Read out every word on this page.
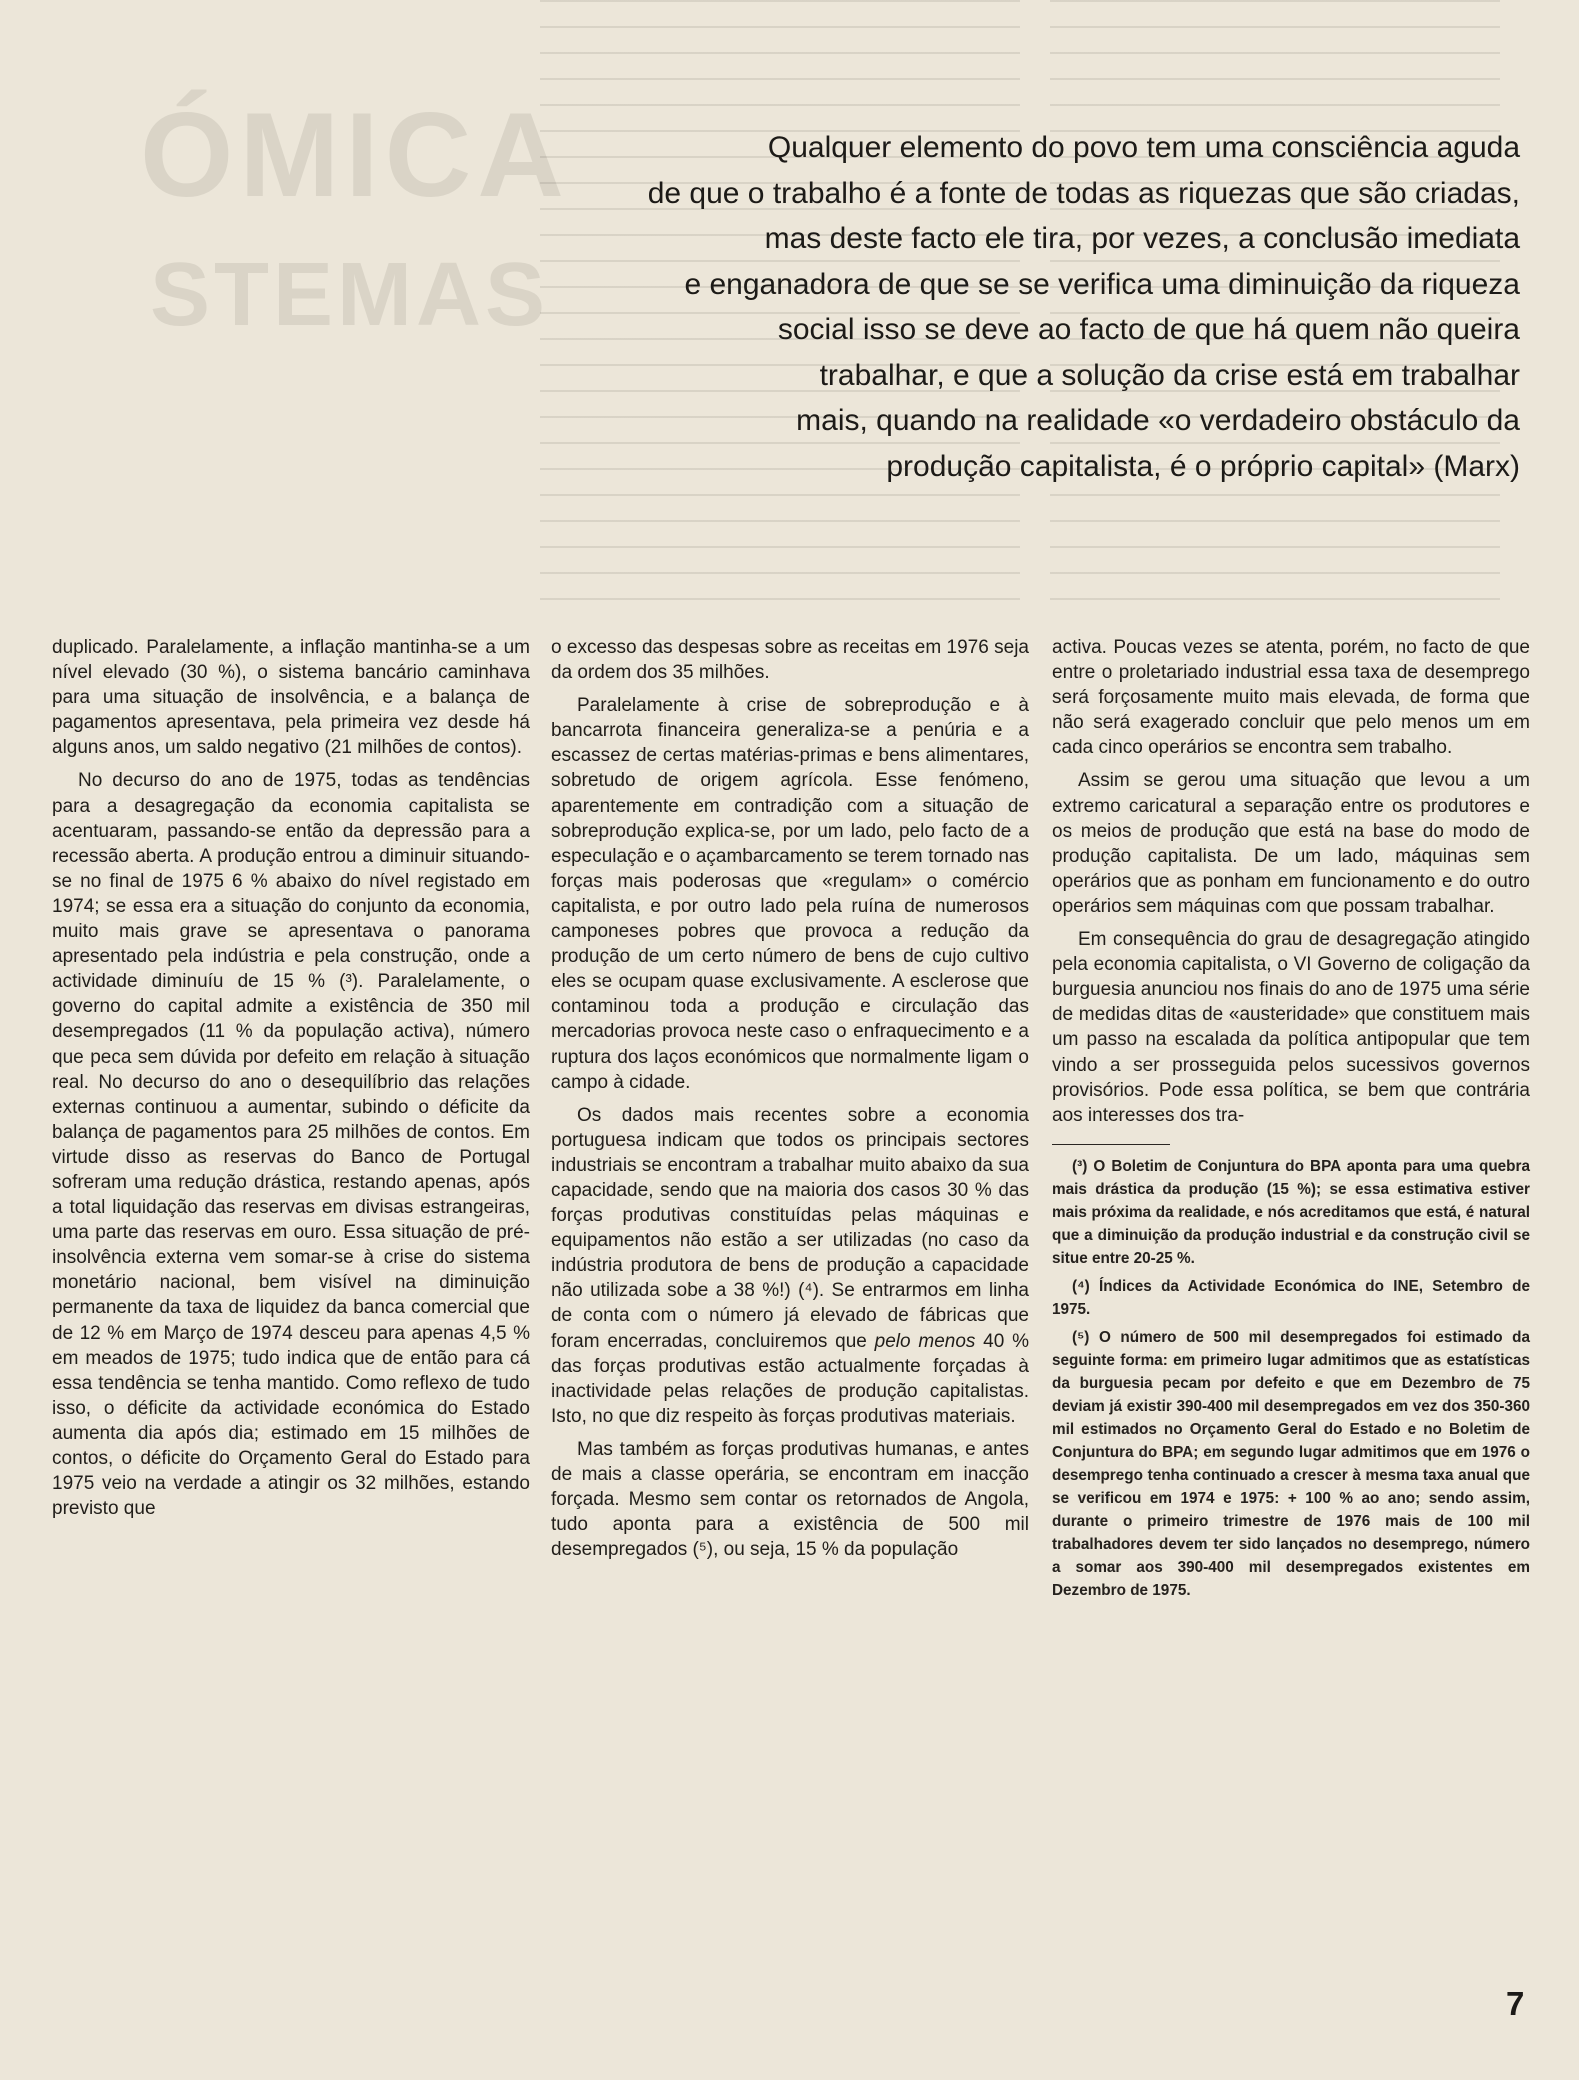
ÓMICA
STEMAS
Qualquer elemento do povo tem uma consciência aguda
de que o trabalho é a fonte de todas as riquezas que são criadas,
mas deste facto ele tira, por vezes, a conclusão imediata
e enganadora de que se se verifica uma diminuição da riqueza
social isso se deve ao facto de que há quem não queira
trabalhar, e que a solução da crise está em trabalhar
mais, quando na realidade «o verdadeiro obstáculo da
produção capitalista, é o próprio capital» (Marx)

duplicado. Paralelamente, a inflação mantinha-se a um nível elevado (30 %), o sistema bancário caminhava para uma situação de insolvência, e a balança de pagamentos apresentava, pela primeira vez desde há alguns anos, um saldo negativo (21 milhões de contos).

No decurso do ano de 1975, todas as tendências para a desagregação da economia capitalista se acentuaram, passando-se então da depressão para a recessão aberta. A produção entrou a diminuir situando-se no final de 1975 6 % abaixo do nível registado em 1974; se essa era a situação do conjunto da economia, muito mais grave se apresentava o panorama apresentado pela indústria e pela construção, onde a actividade diminuíu de 15 % (³). Paralelamente, o governo do capital admite a existência de 350 mil desempregados (11 % da população activa), número que peca sem dúvida por defeito em relação à situação real. No decurso do ano o desequilíbrio das relações externas continuou a aumentar, subindo o déficite da balança de pagamentos para 25 milhões de contos. Em virtude disso as reservas do Banco de Portugal sofreram uma redução drástica, restando apenas, após a total liquidação das reservas em divisas estrangeiras, uma parte das reservas em ouro. Essa situação de pré-insolvência externa vem somar-se à crise do sistema monetário nacional, bem visível na diminuição permanente da taxa de liquidez da banca comercial que de 12 % em Março de 1974 desceu para apenas 4,5 % em meados de 1975; tudo indica que de então para cá essa tendência se tenha mantido. Como reflexo de tudo isso, o déficite da actividade económica do Estado aumenta dia após dia; estimado em 15 milhões de contos, o déficite do Orçamento Geral do Estado para 1975 veio na verdade a atingir os 32 milhões, estando previsto que

o excesso das despesas sobre as receitas em 1976 seja da ordem dos 35 milhões.

Paralelamente à crise de sobreprodução e à bancarrota financeira generaliza-se a penúria e a escassez de certas matérias-primas e bens alimentares, sobretudo de origem agrícola. Esse fenómeno, aparentemente em contradição com a situação de sobreprodução explica-se, por um lado, pelo facto de a especulação e o açambarcamento se terem tornado nas forças mais poderosas que «regulam» o comércio capitalista, e por outro lado pela ruína de numerosos camponeses pobres que provoca a redução da produção de um certo número de bens de cujo cultivo eles se ocupam quase exclusivamente. A esclerose que contaminou toda a produção e circulação das mercadorias provoca neste caso o enfraquecimento e a ruptura dos laços económicos que normalmente ligam o campo à cidade.

Os dados mais recentes sobre a economia portuguesa indicam que todos os principais sectores industriais se encontram a trabalhar muito abaixo da sua capacidade, sendo que na maioria dos casos 30 % das forças produtivas constituídas pelas máquinas e equipamentos não estão a ser utilizadas (no caso da indústria produtora de bens de produção a capacidade não utilizada sobe a 38 %!) (⁴). Se entrarmos em linha de conta com o número já elevado de fábricas que foram encerradas, concluiremos que pelo menos 40 % das forças produtivas estão actualmente forçadas à inactividade pelas relações de produção capitalistas. Isto, no que diz respeito às forças produtivas materiais.

Mas também as forças produtivas humanas, e antes de mais a classe operária, se encontram em inacção forçada. Mesmo sem contar os retornados de Angola, tudo aponta para a existência de 500 mil desempregados (⁵), ou seja, 15 % da população

activa. Poucas vezes se atenta, porém, no facto de que entre o proletariado industrial essa taxa de desemprego será forçosamente muito mais elevada, de forma que não será exagerado concluir que pelo menos um em cada cinco operários se encontra sem trabalho.

Assim se gerou uma situação que levou a um extremo caricatural a separação entre os produtores e os meios de produção que está na base do modo de produção capitalista. De um lado, máquinas sem operários que as ponham em funcionamento e do outro operários sem máquinas com que possam trabalhar.

Em consequência do grau de desagregação atingido pela economia capitalista, o VI Governo de coligação da burguesia anunciou nos finais do ano de 1975 uma série de medidas ditas de «austeridade» que constituem mais um passo na escalada da política antipopular que tem vindo a ser prosseguida pelos sucessivos governos provisórios. Pode essa política, se bem que contrária aos interesses dos tra-

(³) O Boletim de Conjuntura do BPA aponta para uma quebra mais drástica da produção (15 %); se essa estimativa estiver mais próxima da realidade, e nós acreditamos que está, é natural que a diminuição da produção industrial e da construção civil se situe entre 20-25 %.

(⁴) Índices da Actividade Económica do INE, Setembro de 1975.

(⁵) O número de 500 mil desempregados foi estimado da seguinte forma: em primeiro lugar admitimos que as estatísticas da burguesia pecam por defeito e que em Dezembro de 75 deviam já existir 390-400 mil desempregados em vez dos 350-360 mil estimados no Orçamento Geral do Estado e no Boletim de Conjuntura do BPA; em segundo lugar admitimos que em 1976 o desemprego tenha continuado a crescer à mesma taxa anual que se verificou em 1974 e 1975: + 100 % ao ano; sendo assim, durante o primeiro trimestre de 1976 mais de 100 mil trabalhadores devem ter sido lançados no desemprego, número a somar aos 390-400 mil desempregados existentes em Dezembro de 1975.

7
